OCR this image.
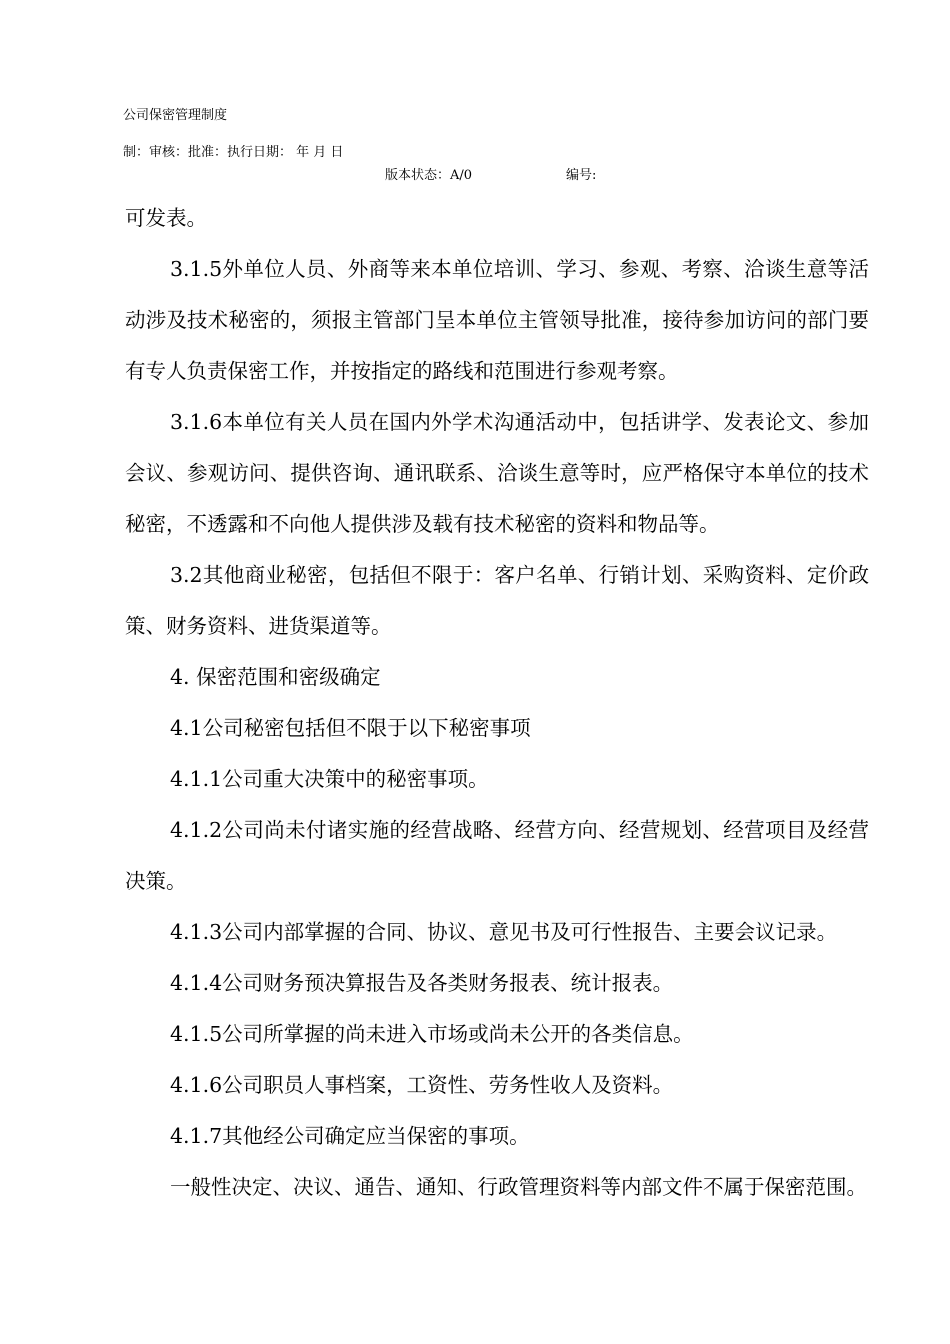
公司保密管理制度
制：审核：批准：执行日期： 年 月 日
版本状态：A/0	编号:

可发表。

3.1.5外单位人员、外商等来本单位培训、学习、参观、考察、洽谈生意等活动涉及技术秘密的，须报主管部门呈本单位主管领导批准，接待参加访问的部门要有专人负责保密工作，并按指定的路线和范围进行参观考察。

3.1.6本单位有关人员在国内外学术沟通活动中，包括讲学、发表论文、参加会议、参观访问、提供咨询、通讯联系、洽谈生意等时，应严格保守本单位的技术秘密，不透露和不向他人提供涉及载有技术秘密的资料和物品等。

3.2其他商业秘密，包括但不限于：客户名单、行销计划、采购资料、定价政策、财务资料、进货渠道等。

4. 保密范围和密级确定

4.1公司秘密包括但不限于以下秘密事项

4.1.1公司重大决策中的秘密事项。

4.1.2公司尚未付诸实施的经营战略、经营方向、经营规划、经营项目及经营决策。

4.1.3公司内部掌握的合同、协议、意见书及可行性报告、主要会议记录。

4.1.4公司财务预决算报告及各类财务报表、统计报表。

4.1.5公司所掌握的尚未进入市场或尚未公开的各类信息。

4.1.6公司职员人事档案，工资性、劳务性收人及资料。

4.1.7其他经公司确定应当保密的事项。

一般性决定、决议、通告、通知、行政管理资料等内部文件不属于保密范围。
